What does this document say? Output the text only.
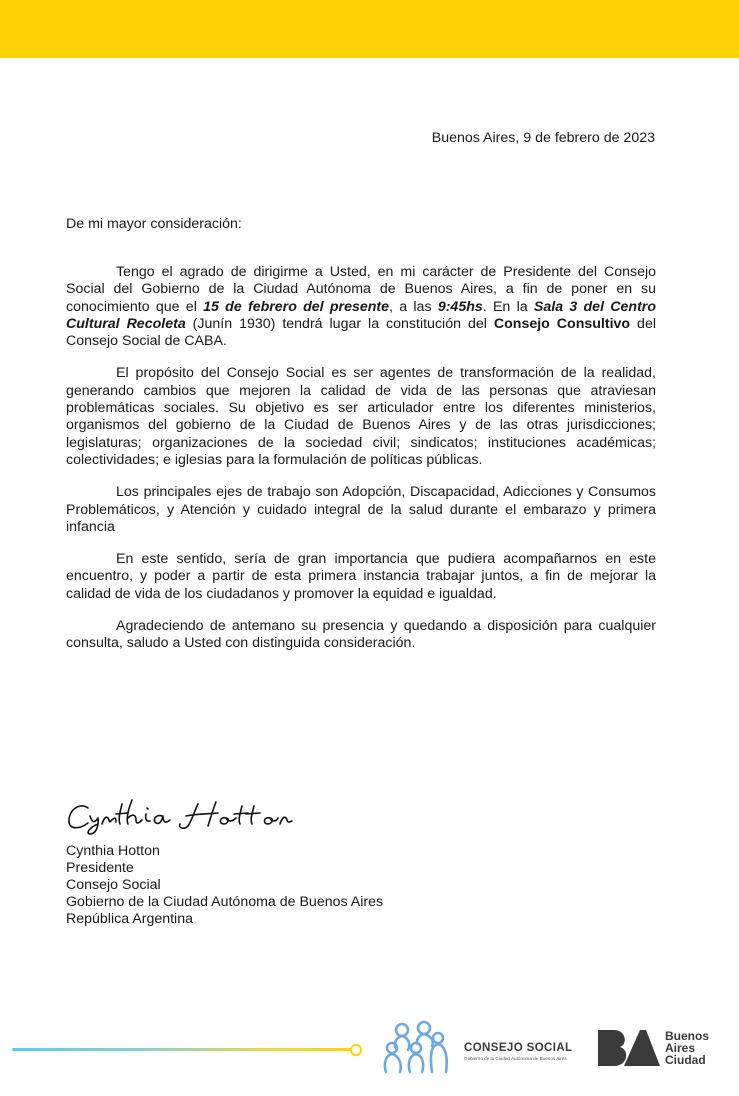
Buenos Aires, 9 de febrero de 2023
De mi mayor consideración:

Tengo el agrado de dirigirme a Usted, en mi carácter de Presidente del Consejo Social del Gobierno de la Ciudad Autónoma de Buenos Aires, a fin de poner en su conocimiento que el 15 de febrero del presente, a las 9:45hs. En la Sala 3 del Centro Cultural Recoleta (Junín 1930) tendrá lugar la constitución del Consejo Consultivo del Consejo Social de CABA.

El propósito del Consejo Social es ser agentes de transformación de la realidad, generando cambios que mejoren la calidad de vida de las personas que atraviesan problemáticas sociales. Su objetivo es ser articulador entre los diferentes ministerios, organismos del gobierno de la Ciudad de Buenos Aires y de las otras jurisdicciones; legislaturas; organizaciones de la sociedad civil; sindicatos; instituciones académicas; colectividades; e iglesias para la formulación de políticas públicas.

Los principales ejes de trabajo son Adopción, Discapacidad, Adicciones y Consumos Problemáticos, y Atención y cuidado integral de la salud durante el embarazo y primera infancia

En este sentido, sería de gran importancia que pudiera acompañarnos en este encuentro, y poder a partir de esta primera instancia trabajar juntos, a fin de mejorar la calidad de vida de los ciudadanos y promover la equidad e igualdad.

Agradeciendo de antemano su presencia y quedando a disposición para cualquier consulta, saludo a Usted con distinguida consideración.

Cynthia Hotton
Presidente
Consejo Social
Gobierno de la Ciudad Autónoma de Buenos Aires
República Argentina
CONSEJO SOCIAL
Gobierno de la Ciudad Autónoma de Buenos Aires
Buenos
Aires
Ciudad
